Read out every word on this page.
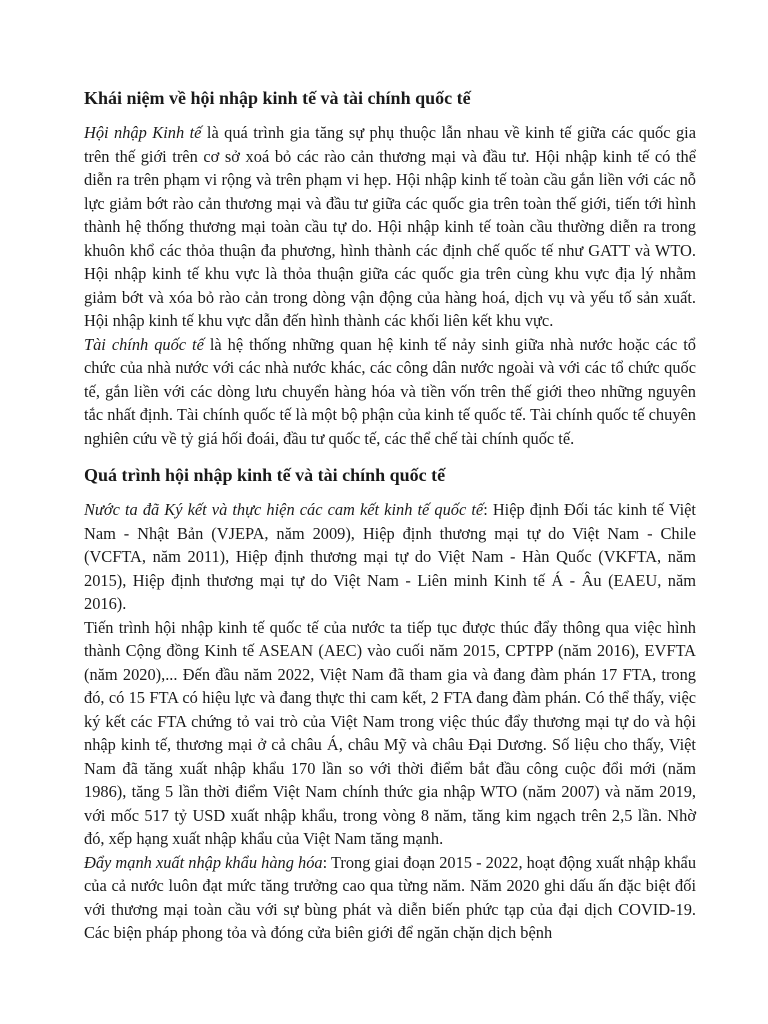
Khái niệm về hội nhập kinh tế và tài chính quốc tế

Hội nhập Kinh tế là quá trình gia tăng sự phụ thuộc lẫn nhau về kinh tế giữa các quốc gia trên thế giới trên cơ sở xoá bỏ các rào cản thương mại và đầu tư. Hội nhập kinh tế có thể diễn ra trên phạm vi rộng và trên phạm vi hẹp. Hội nhập kinh tế toàn cầu gắn liền với các nỗ lực giảm bớt rào cản thương mại và đầu tư giữa các quốc gia trên toàn thế giới, tiến tới hình thành hệ thống thương mại toàn cầu tự do. Hội nhập kinh tế toàn cầu thường diễn ra trong khuôn khổ các thỏa thuận đa phương, hình thành các định chế quốc tế như GATT và WTO. Hội nhập kinh tế khu vực là thỏa thuận giữa các quốc gia trên cùng khu vực địa lý nhằm giảm bớt và xóa bỏ rào cản trong dòng vận động của hàng hoá, dịch vụ và yếu tố sản xuất. Hội nhập kinh tế khu vực dẫn đến hình thành các khối liên kết khu vực.

Tài chính quốc tế là hệ thống những quan hệ kinh tế nảy sinh giữa nhà nước hoặc các tổ chức của nhà nước với các nhà nước khác, các công dân nước ngoài và với các tổ chức quốc tế, gắn liền với các dòng lưu chuyển hàng hóa và tiền vốn trên thế giới theo những nguyên tắc nhất định. Tài chính quốc tế là một bộ phận của kinh tế quốc tế. Tài chính quốc tế chuyên nghiên cứu về tỷ giá hối đoái, đầu tư quốc tế, các thể chế tài chính quốc tế.

Quá trình hội nhập kinh tế và tài chính quốc tế

Nước ta đã Ký kết và thực hiện các cam kết kinh tế quốc tế: Hiệp định Đối tác kinh tế Việt Nam - Nhật Bản (VJEPA, năm 2009), Hiệp định thương mại tự do Việt Nam - Chile (VCFTA, năm 2011), Hiệp định thương mại tự do Việt Nam - Hàn Quốc (VKFTA, năm 2015), Hiệp định thương mại tự do Việt Nam - Liên minh Kinh tế Á - Âu (EAEU, năm 2016).

Tiến trình hội nhập kinh tế quốc tế của nước ta tiếp tục được thúc đẩy thông qua việc hình thành Cộng đồng Kinh tế ASEAN (AEC) vào cuối năm 2015, CPTPP (năm 2016), EVFTA (năm 2020),... Đến đầu năm 2022, Việt Nam đã tham gia và đang đàm phán 17 FTA, trong đó, có 15 FTA có hiệu lực và đang thực thi cam kết, 2 FTA đang đàm phán. Có thể thấy, việc ký kết các FTA chứng tỏ vai trò của Việt Nam trong việc thúc đẩy thương mại tự do và hội nhập kinh tế, thương mại ở cả châu Á, châu Mỹ và châu Đại Dương. Số liệu cho thấy, Việt Nam đã tăng xuất nhập khẩu 170 lần so với thời điểm bắt đầu công cuộc đổi mới (năm 1986), tăng 5 lần thời điểm Việt Nam chính thức gia nhập WTO (năm 2007) và năm 2019, với mốc 517 tỷ USD xuất nhập khẩu, trong vòng 8 năm, tăng kim ngạch trên 2,5 lần. Nhờ đó, xếp hạng xuất nhập khẩu của Việt Nam tăng mạnh.

Đẩy mạnh xuất nhập khẩu hàng hóa: Trong giai đoạn 2015 - 2022, hoạt động xuất nhập khẩu của cả nước luôn đạt mức tăng trưởng cao qua từng năm. Năm 2020 ghi dấu ấn đặc biệt đối với thương mại toàn cầu với sự bùng phát và diễn biến phức tạp của đại dịch COVID-19. Các biện pháp phong tỏa và đóng cửa biên giới để ngăn chặn dịch bệnh
